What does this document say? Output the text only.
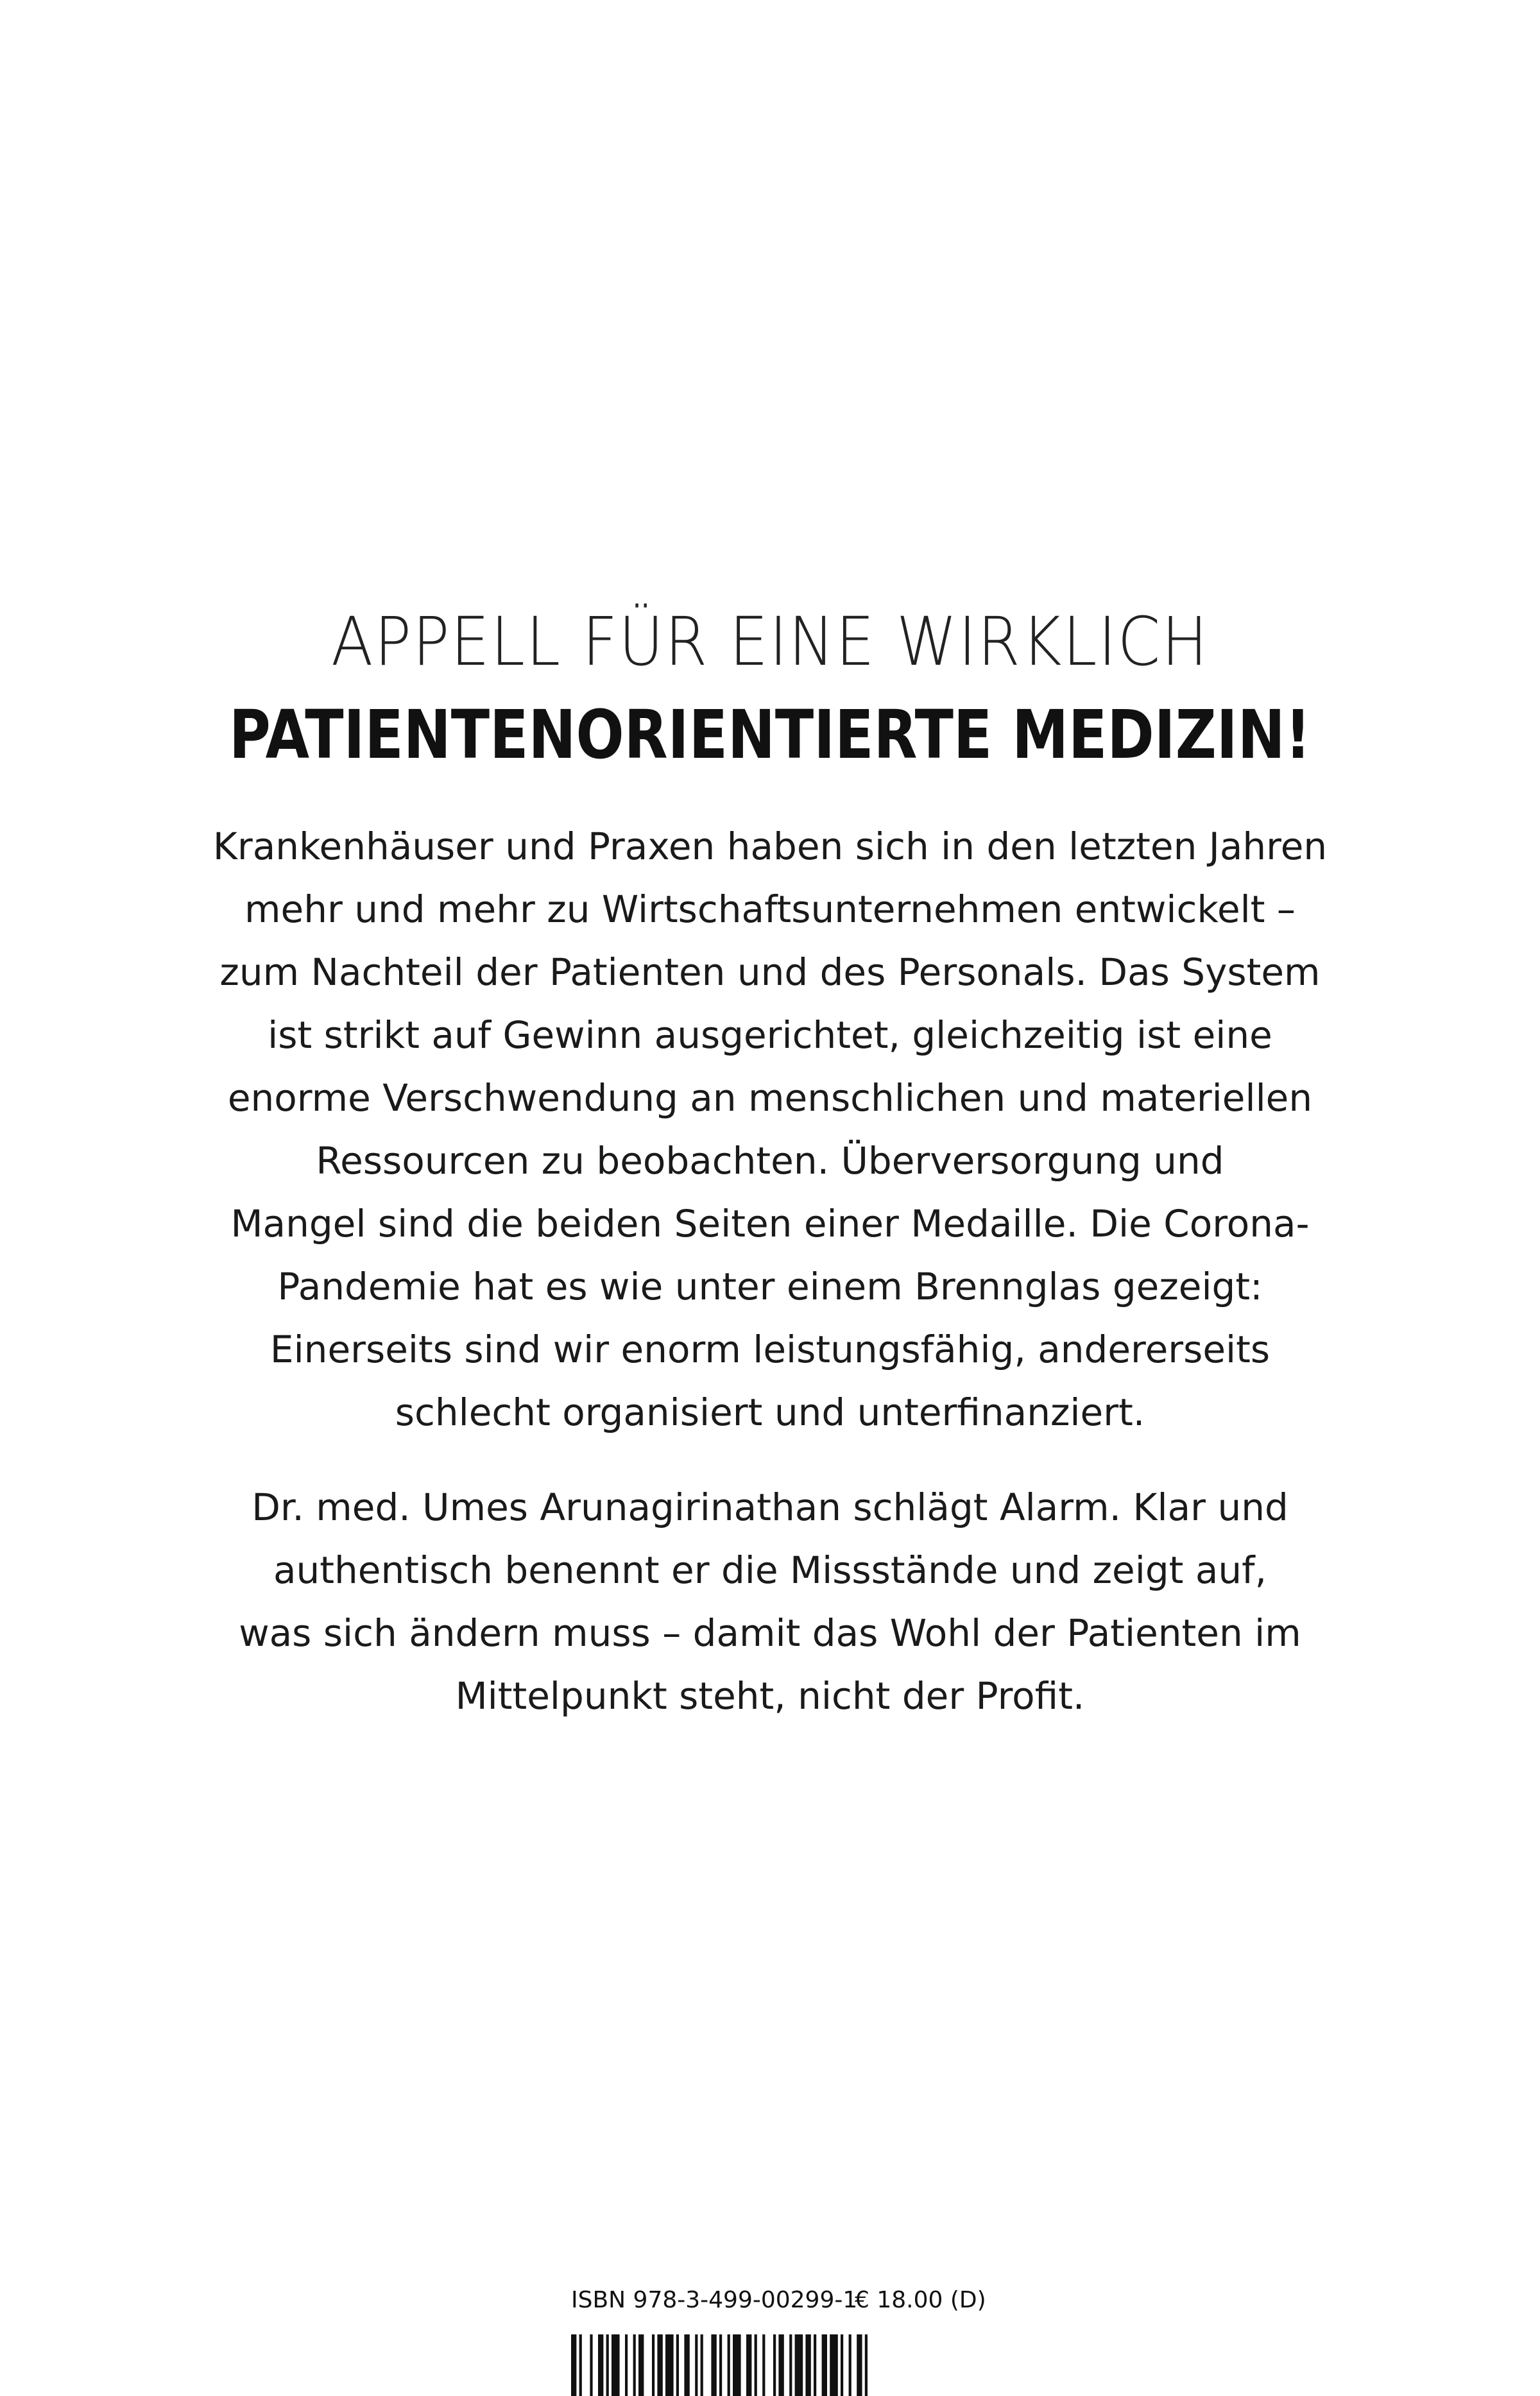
APPELL FÜR EINE WIRKLICH
PATIENTENORIENTIERTE MEDIZIN!
Krankenhäuser und Praxen haben sich in den letzten Jahren
mehr und mehr zu Wirtschaftsunternehmen entwickelt –
zum Nachteil der Patienten und des Personals. Das System
ist strikt auf Gewinn ausgerichtet, gleichzeitig ist eine
enorme Verschwendung an menschlichen und materiellen
Ressourcen zu beobachten. Überversorgung und
Mangel sind die beiden Seiten einer Medaille. Die Corona-
Pandemie hat es wie unter einem Brennglas gezeigt:
Einerseits sind wir enorm leistungsfähig, andererseits
schlecht organisiert und unterfinanziert.
Dr. med. Umes Arunagirinathan schlägt Alarm. Klar und
authentisch benennt er die Missstände und zeigt auf,
was sich ändern muss – damit das Wohl der Patienten im
Mittelpunkt steht, nicht der Profit.
ISBN 978-3-499-00299-1
€ 18.00 (D)
